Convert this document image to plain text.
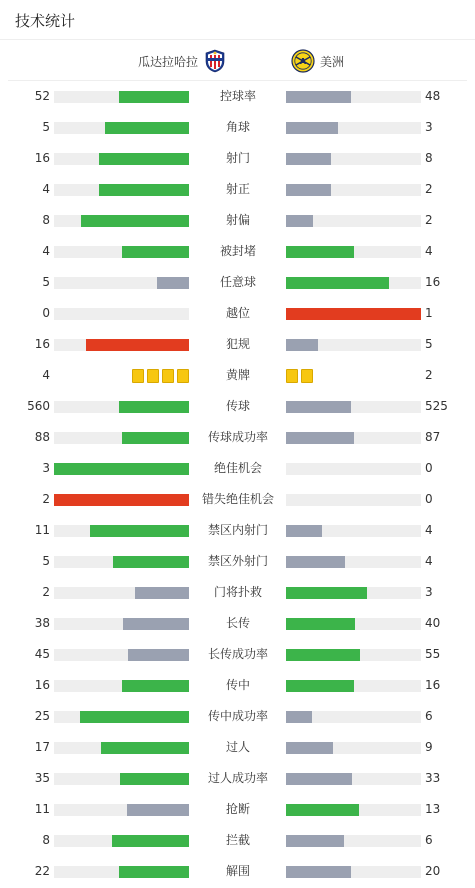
技术统计
瓜达拉哈拉	A 美洲
52	控球率	48
5	角球	3
16	射门	8
4	射正	2
8	射偏	2
4	被封堵	4
5	任意球	16
0	越位	1
16	犯规	5
4	黄牌	2
560	传球	525
88	传球成功率	87
3	绝佳机会	0
2	错失绝佳机会	0
11	禁区内射门	4
5	禁区外射门	4
2	门将扑救	3
38	长传	40
45	长传成功率	55
16	传中	16
25	传中成功率	6
17	过人	9
35	过人成功率	33
11	抢断	13
8	拦截	6
22	解围	20
